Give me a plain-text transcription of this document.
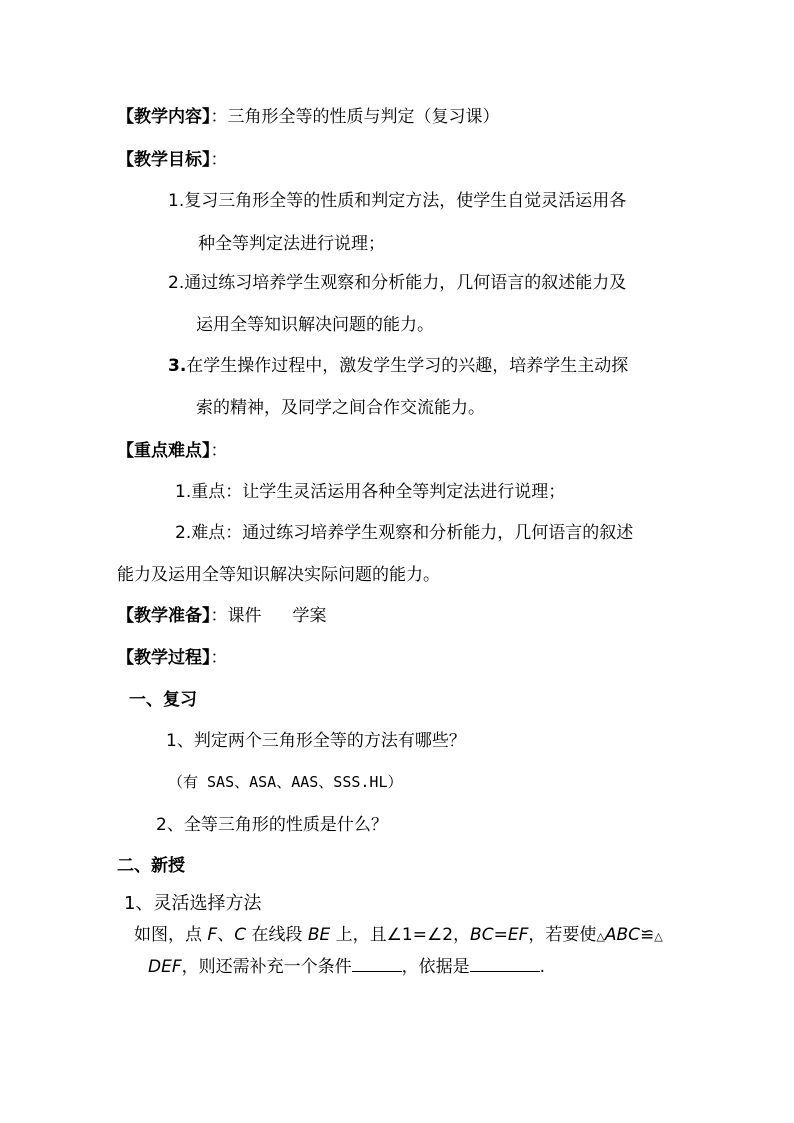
【教学内容】：三角形全等的性质与判定（复习课）
【教学目标】：
1.复习三角形全等的性质和判定方法，使学生自觉灵活运用各
种全等判定法进行说理；
2.通过练习培养学生观察和分析能力，几何语言的叙述能力及
运用全等知识解决问题的能力。
3.在学生操作过程中，激发学生学习的兴趣，培养学生主动探
索的精神，及同学之间合作交流能力。
【重点难点】：
1.重点：让学生灵活运用各种全等判定法进行说理；
2.难点：通过练习培养学生观察和分析能力，几何语言的叙述
能力及运用全等知识解决实际问题的能力。
【教学准备】：课件 学案
【教学过程】：
一、复习
1、判定两个三角形全等的方法有哪些？
（有 SAS、ASA、AAS、SSS.HL）
2、全等三角形的性质是什么？
二、新授
1、灵活选择方法
如图，点 F、C 在线段 BE 上，且∠1=∠2，BC=EF，若要使△ABC≌△
DEF，则还需补充一个条件	，依据是	.
